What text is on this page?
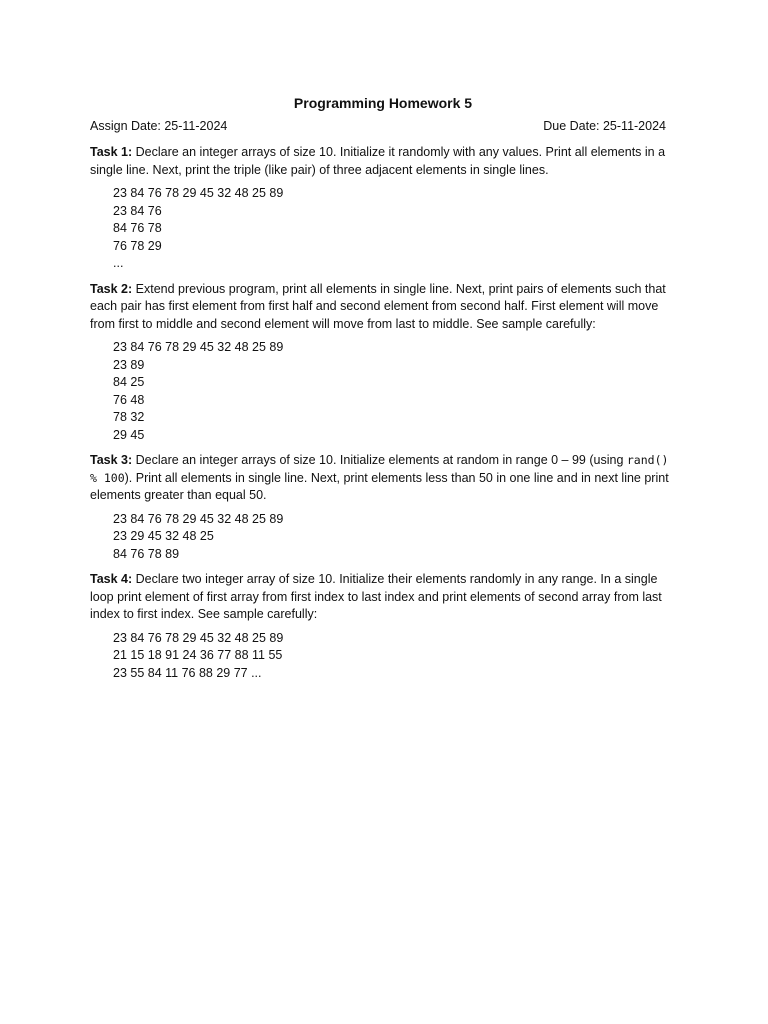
Programming Homework 5
Assign Date: 25-11-2024	Due Date: 25-11-2024

Task 1: Declare an integer arrays of size 10. Initialize it randomly with any values. Print all elements in a single line. Next, print the triple (like pair) of three adjacent elements in single lines.

23 84 76 78 29 45 32 48 25 89
23 84 76
84 76 78
76 78 29
...

Task 2: Extend previous program, print all elements in single line. Next, print pairs of elements such that each pair has first element from first half and second element from second half. First element will move from first to middle and second element will move from last to middle. See sample carefully:

23 84 76 78 29 45 32 48 25 89
23 89
84 25
76 48
78 32
29 45

Task 3: Declare an integer arrays of size 10. Initialize elements at random in range 0 – 99 (using rand() % 100). Print all elements in single line. Next, print elements less than 50 in one line and in next line print elements greater than equal 50.

23 84 76 78 29 45 32 48 25 89
23 29 45 32 48 25
84 76 78 89

Task 4: Declare two integer array of size 10. Initialize their elements randomly in any range. In a single loop print element of first array from first index to last index and print elements of second array from last index to first index. See sample carefully:

23 84 76 78 29 45 32 48 25 89
21 15 18 91 24 36 77 88 11 55
23 55 84 11 76 88 29 77 ...
